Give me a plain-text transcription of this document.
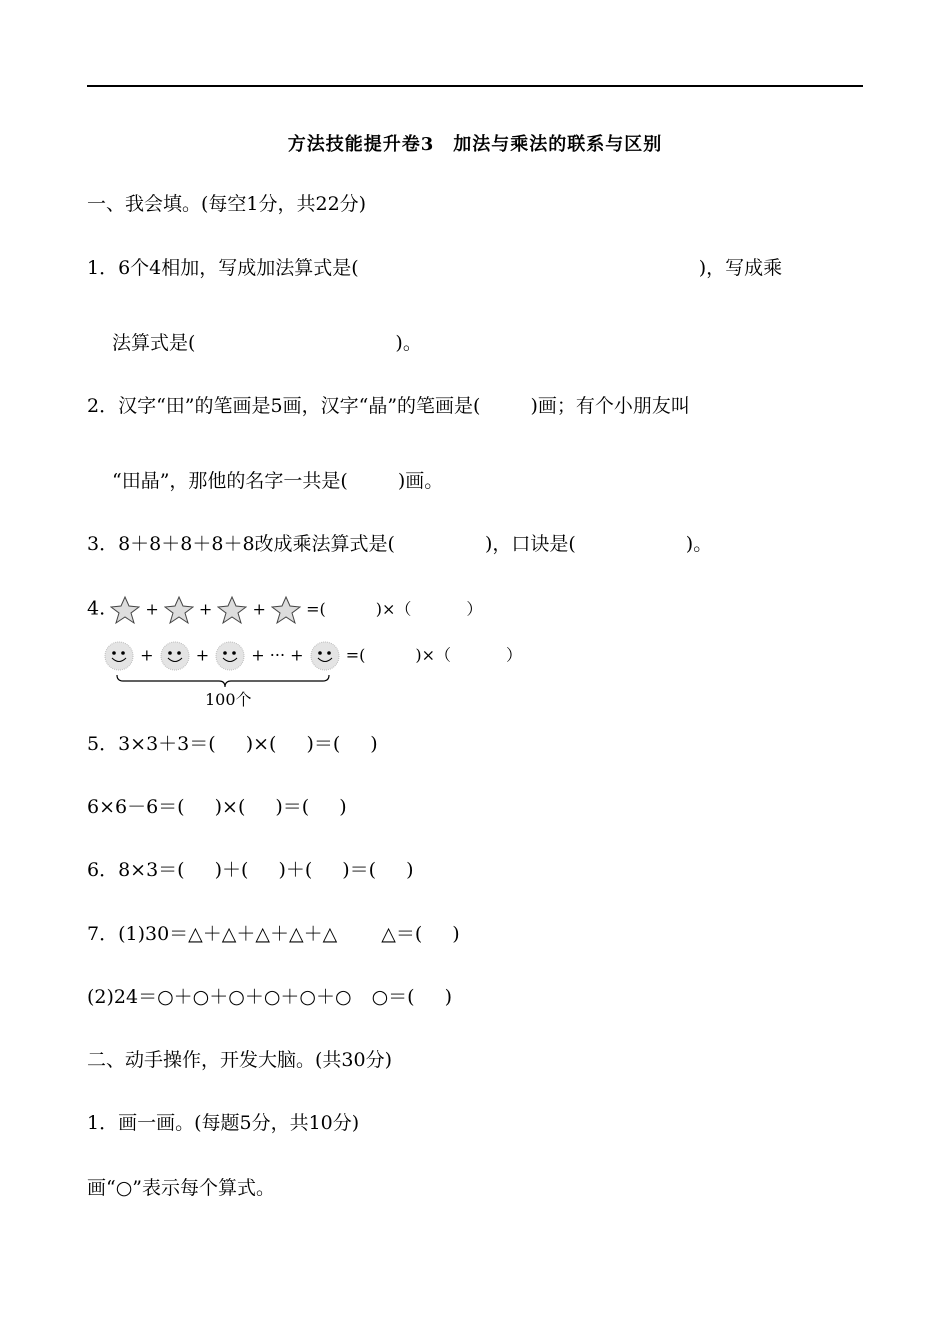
方法技能提升卷3　加法与乘法的联系与区别
一、我会填。(每空1分，共22分)
1．6个4相加，写成加法算式是(	)，写成乘
法算式是(	)。
2．汉字“田”的笔画是5画，汉字“晶”的笔画是(	)画；有个小朋友叫
“田晶”，那他的名字一共是(	)画。
3．8＋8＋8＋8＋8改成乘法算式是(	)，口诀是(	)。
4.	+	+	+	=(	)×（	）
+	+	+ ··· +	=(	)×（	）
100个
5．3×3＋3＝( )×( )＝( )
6×6－6＝( )×( )＝( )
6．8×3＝( )＋( )＋( )＝( )
7．(1)30＝△＋△＋△＋△＋△ △＝( )
(2)24＝○＋○＋○＋○＋○＋○ ○＝( )
二、动手操作，开发大脑。(共30分)
1．画一画。(每题5分，共10分)
画“○”表示每个算式。
